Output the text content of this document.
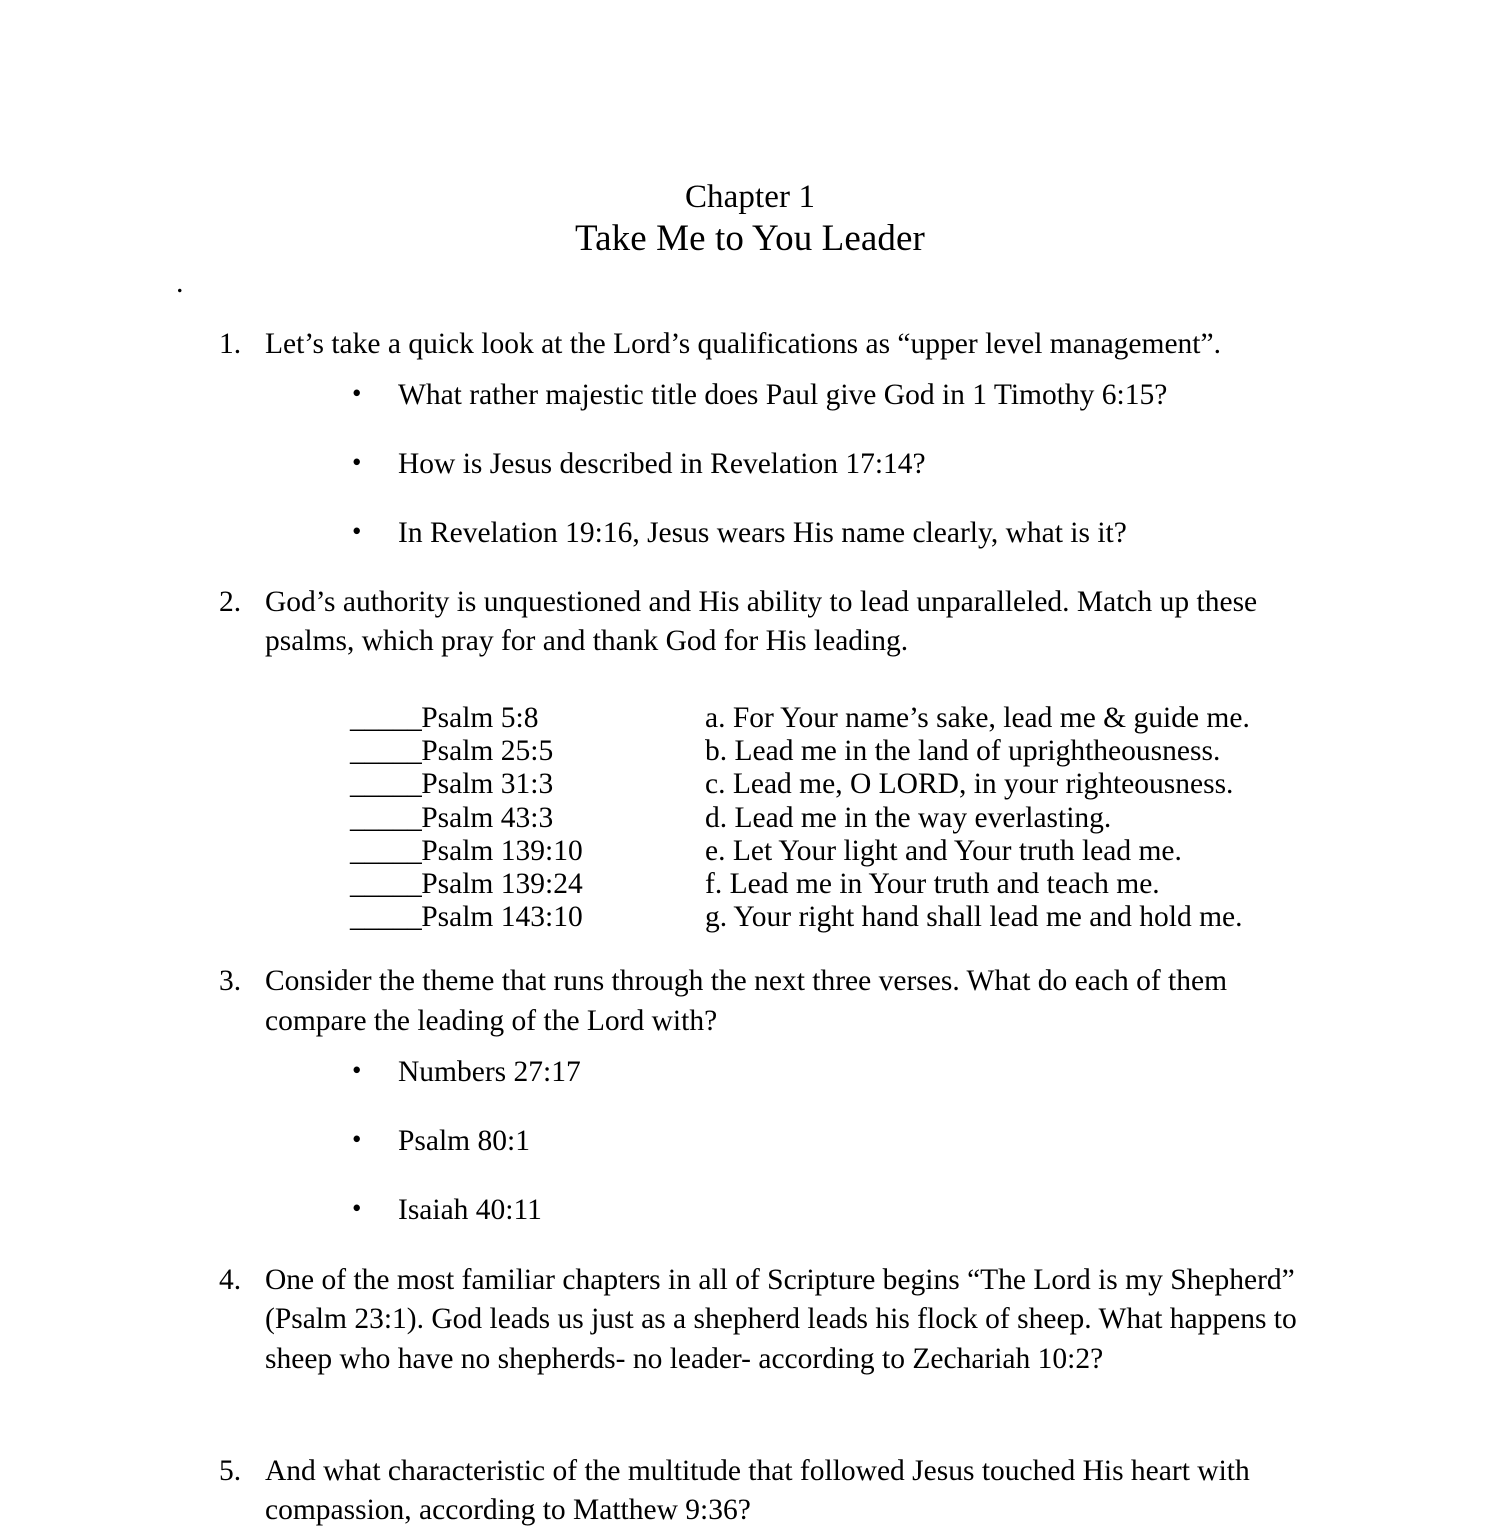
Chapter 1
Take Me to You Leader
.
1. Let’s take a quick look at the Lord’s qualifications as “upper level management”.
• What rather majestic title does Paul give God in 1 Timothy 6:15?
• How is Jesus described in Revelation 17:14?
• In Revelation 19:16, Jesus wears His name clearly, what is it?
2. God’s authority is unquestioned and His ability to lead unparalleled. Match up these psalms, which pray for and thank God for His leading.
_____Psalm 5:8	a. For Your name’s sake, lead me & guide me.
_____Psalm 25:5	b. Lead me in the land of uprightheousness.
_____Psalm 31:3	c. Lead me, O LORD, in your righteousness.
_____Psalm 43:3	d. Lead me in the way everlasting.
_____Psalm 139:10	e. Let Your light and Your truth lead me.
_____Psalm 139:24	f. Lead me in Your truth and teach me.
_____Psalm 143:10	g. Your right hand shall lead me and hold me.
3. Consider the theme that runs through the next three verses. What do each of them compare the leading of the Lord with?
• Numbers 27:17
• Psalm 80:1
• Isaiah 40:11
4. One of the most familiar chapters in all of Scripture begins “The Lord is my Shepherd” (Psalm 23:1). God leads us just as a shepherd leads his flock of sheep. What happens to sheep who have no shepherds- no leader- according to Zechariah 10:2?
5. And what characteristic of the multitude that followed Jesus touched His heart with compassion, according to Matthew 9:36?
